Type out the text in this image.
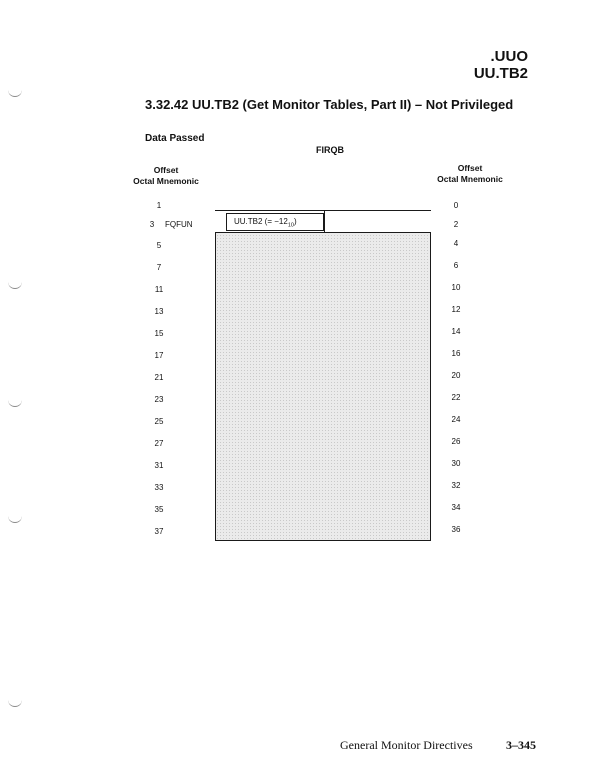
.UUO
UU.TB2
3.32.42 UU.TB2 (Get Monitor Tables, Part II) – Not Privileged
Data Passed
FIRQB
Offset
Octal Mnemonic
Offset
Octal Mnemonic
UU.TB2 (= $-12_{10}$)
1	0
3	FQFUN	2
5	4
7	6
11	10
13	12
15	14
17	16
21	20
23	22
25	24
27	26
31	30
33	32
35	34
37	36
General Monitor Directives	3–345
